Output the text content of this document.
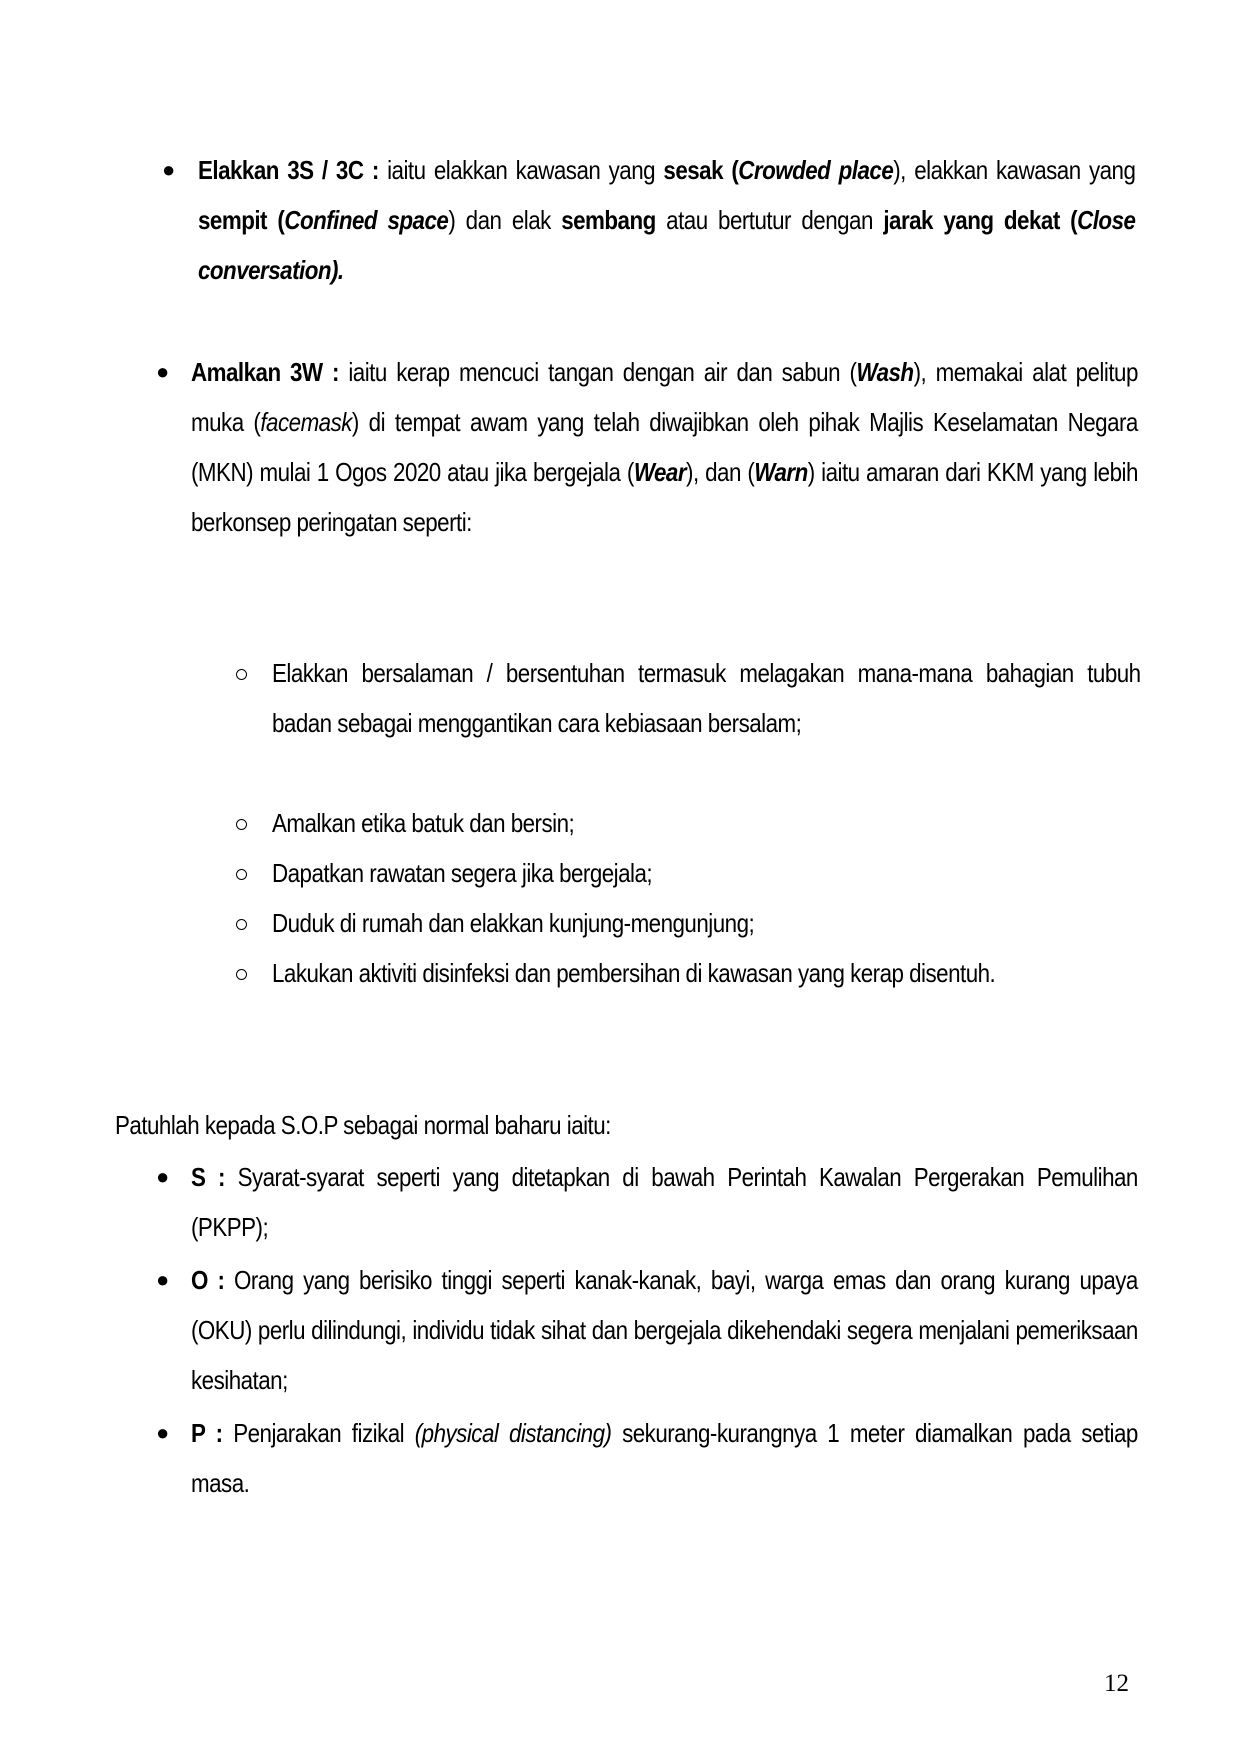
● Elakkan 3S / 3C : iaitu elakkan kawasan yang sesak (Crowded place), elakkan kawasan yang sempit (Confined space) dan elak sembang atau bertutur dengan jarak yang dekat (Close conversation).
● Amalkan 3W : iaitu kerap mencuci tangan dengan air dan sabun (Wash), memakai alat pelitup muka (facemask) di tempat awam yang telah diwajibkan oleh pihak Majlis Keselamatan Negara (MKN) mulai 1 Ogos 2020 atau jika bergejala (Wear), dan (Warn) iaitu amaran dari KKM yang lebih berkonsep peringatan seperti:
Elakkan bersalaman / bersentuhan termasuk melagakan mana-mana bahagian tubuh badan sebagai menggantikan cara kebiasaan bersalam;
Amalkan etika batuk dan bersin;
Dapatkan rawatan segera jika bergejala;
Duduk di rumah dan elakkan kunjung-mengunjung;
Lakukan aktiviti disinfeksi dan pembersihan di kawasan yang kerap disentuh.
Patuhlah kepada S.O.P sebagai normal baharu iaitu:
● S : Syarat-syarat seperti yang ditetapkan di bawah Perintah Kawalan Pergerakan Pemulihan (PKPP);
● O : Orang yang berisiko tinggi seperti kanak-kanak, bayi, warga emas dan orang kurang upaya (OKU) perlu dilindungi, individu tidak sihat dan bergejala dikehendaki segera menjalani pemeriksaan kesihatan;
● P : Penjarakan fizikal (physical distancing) sekurang-kurangnya 1 meter diamalkan pada setiap masa.
12
